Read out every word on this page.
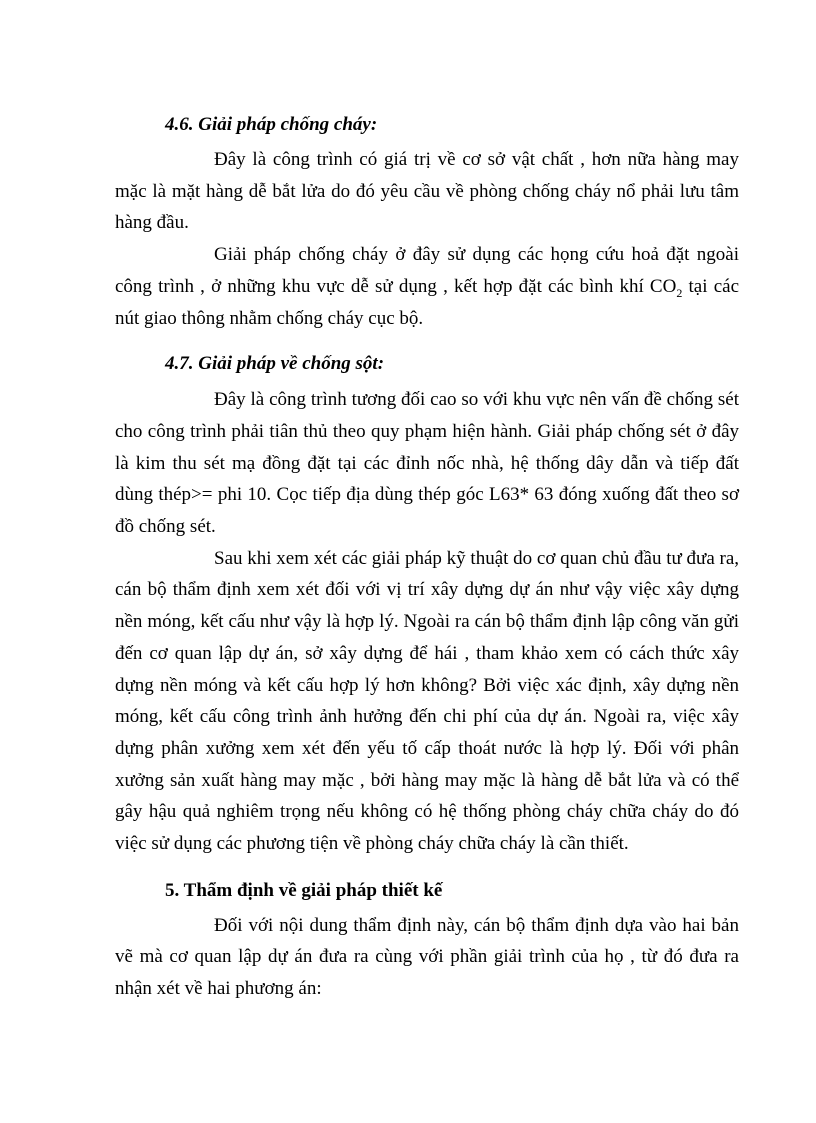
4.6. Giải pháp chống cháy:

Đây là công trình có giá trị về cơ sở vật chất , hơn nữa hàng may mặc là mặt hàng dễ bắt lửa do đó yêu cầu về phòng chống cháy nổ phải lưu tâm hàng đầu.

Giải pháp chống cháy ở đây sử dụng các họng cứu hoả đặt ngoài công trình , ở những khu vực dễ sử dụng , kết hợp đặt các bình khí $CO_2$ tại các nút giao thông nhằm chống cháy cục bộ.

4.7. Giải pháp về chống sột:

Đây là công trình tương đối cao so với khu vực nên vấn đề chống sét cho công trình phải tiân thủ theo quy phạm hiện hành. Giải pháp chống sét ở đây là kim thu sét mạ đồng đặt tại các đỉnh nốc nhà, hệ thống dây dẫn và tiếp đất dùng thép>= phi 10. Cọc tiếp địa dùng thép góc L63* 63 đóng xuống đất theo sơ đồ chống sét.

Sau khi xem xét các giải pháp kỹ thuật do cơ quan chủ đầu tư đưa ra, cán bộ thẩm định xem xét đối với vị trí xây dựng dự án như vậy việc xây dựng nền móng, kết cấu như vậy là hợp lý. Ngoài ra cán bộ thẩm định lập công văn gửi đến cơ quan lập dự án, sở xây dựng để hái , tham khảo xem có cách thức xây dựng nền móng và kết cấu hợp lý hơn không? Bởi việc xác định, xây dựng nền móng, kết cấu công trình ảnh hưởng đến chi phí của dự án. Ngoài ra, việc xây dựng phân xưởng xem xét đến yếu tố cấp thoát nước là hợp lý. Đối với phân xưởng sản xuất hàng may mặc , bởi hàng may mặc là hàng dễ bắt lửa và có thể gây hậu quả nghiêm trọng nếu không có hệ thống phòng cháy chữa cháy do đó việc sử dụng các phương tiện về phòng cháy chữa cháy là cần thiết.

5. Thẩm định về giải pháp thiết kế

Đối với nội dung thẩm định này, cán bộ thẩm định dựa vào hai bản vẽ mà cơ quan lập dự án đưa ra cùng với phần giải trình của họ , từ đó đưa ra nhận xét về hai phương án:
